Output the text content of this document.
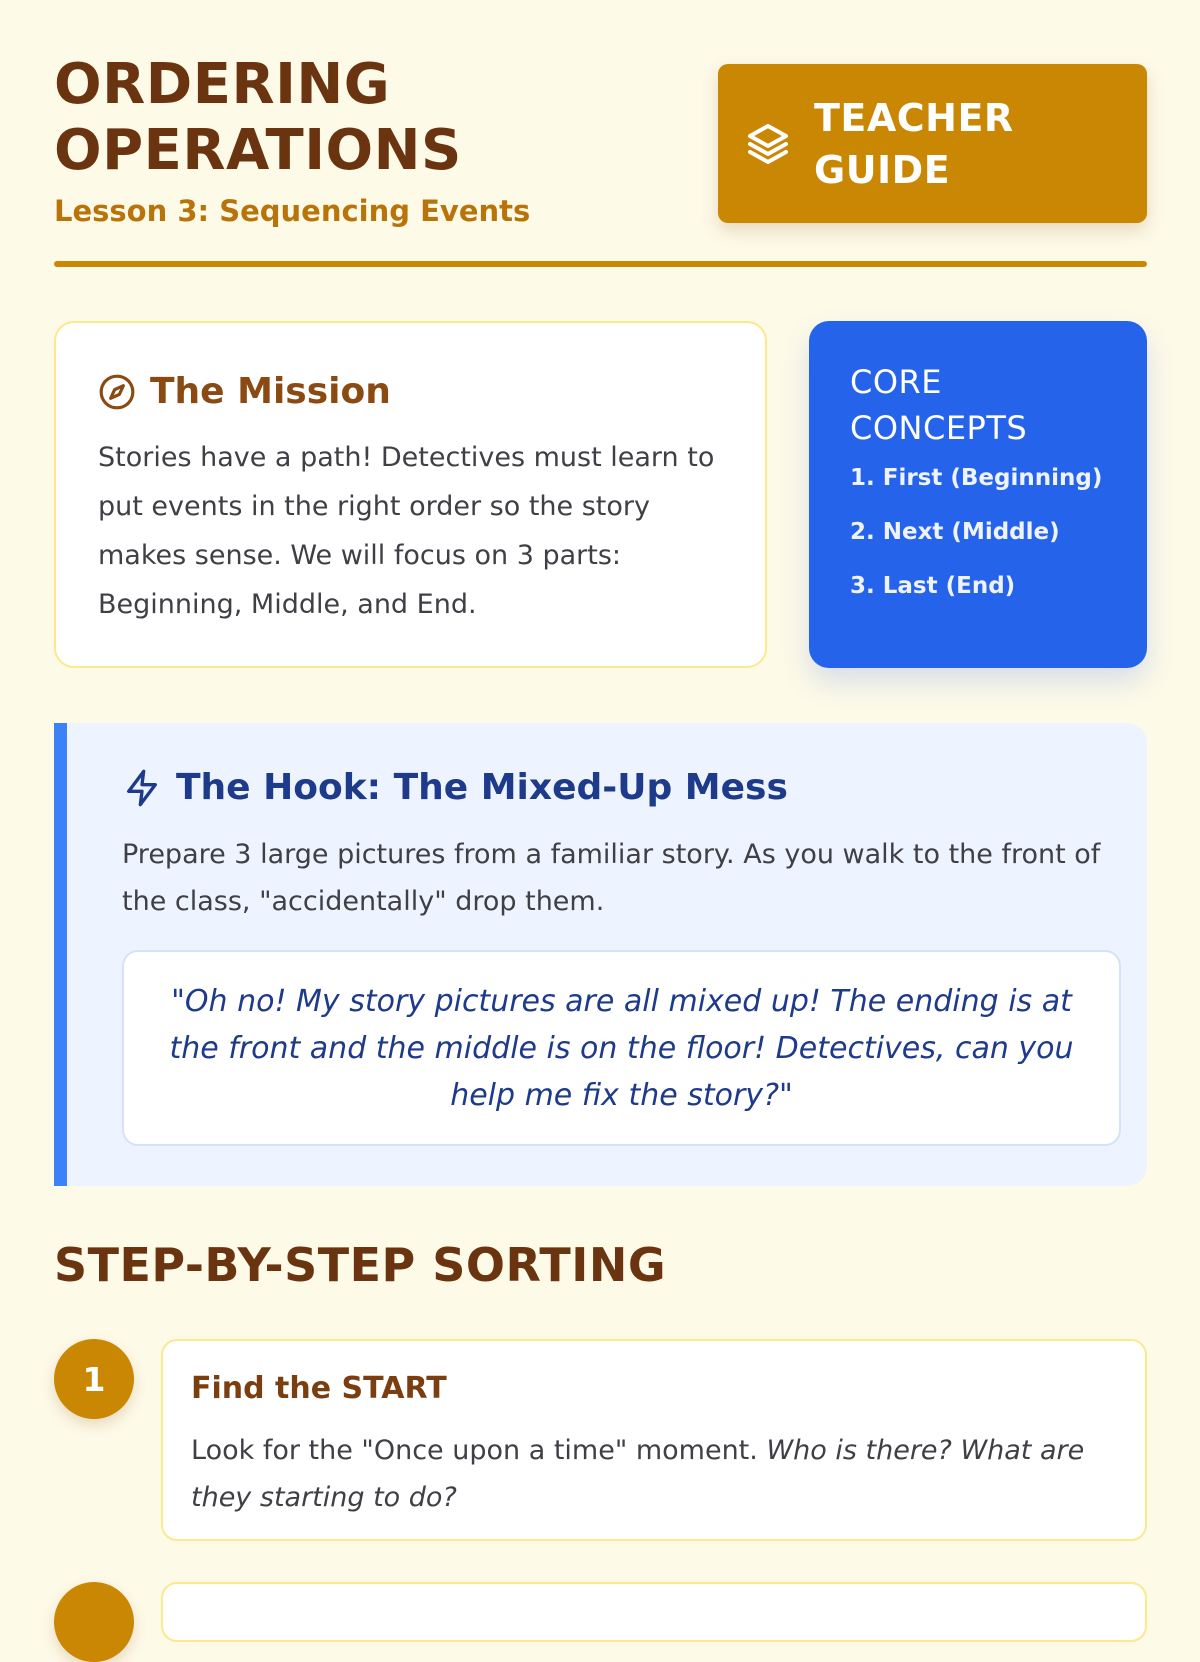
ORDERING
OPERATIONS
Lesson 3: Sequencing Events
TEACHER
GUIDE
The Mission
Stories have a path! Detectives must learn to put events in the right order so the story makes sense. We will focus on 3 parts: Beginning, Middle, and End.
CORE
CONCEPTS
1. First (Beginning)
2. Next (Middle)
3. Last (End)
The Hook: The Mixed-Up Mess
Prepare 3 large pictures from a familiar story. As you walk to the front of the class, "accidentally" drop them.
"Oh no! My story pictures are all mixed up! The ending is at the front and the middle is on the floor! Detectives, can you help me fix the story?"
STEP-BY-STEP SORTING
1	Find the START
Look for the "Once upon a time" moment. Who is there? What are they starting to do?
